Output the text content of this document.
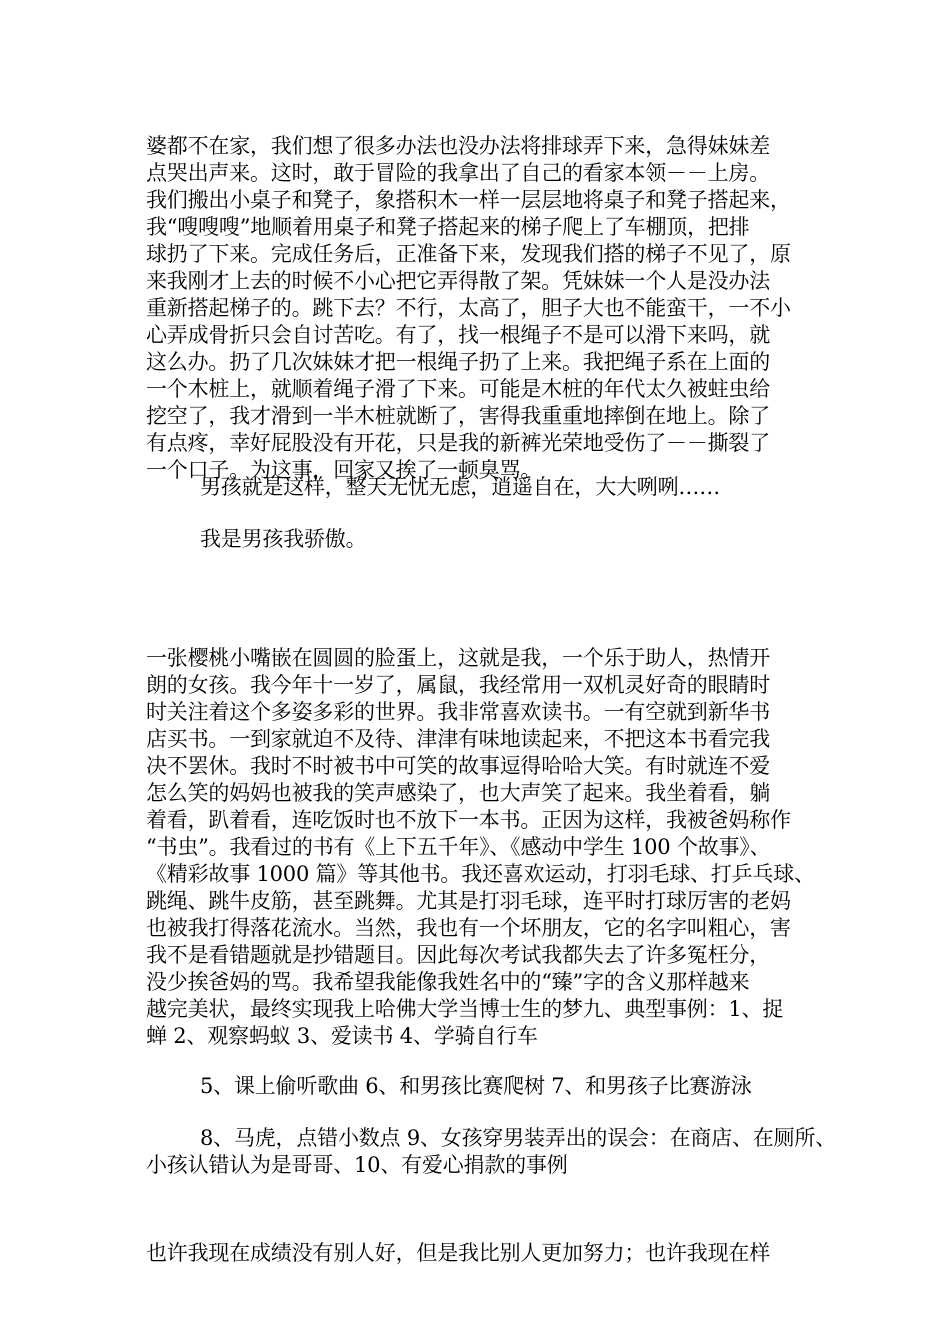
婆都不在家，我们想了很多办法也没办法将排球弄下来，急得妹妹差
点哭出声来。这时，敢于冒险的我拿出了自己的看家本领－－上房。
我们搬出小桌子和凳子，象搭积木一样一层层地将桌子和凳子搭起来，
我“嗖嗖嗖”地顺着用桌子和凳子搭起来的梯子爬上了车棚顶，把排
球扔了下来。完成任务后，正准备下来，发现我们搭的梯子不见了，原
来我刚才上去的时候不小心把它弄得散了架。凭妹妹一个人是没办法
重新搭起梯子的。跳下去？不行，太高了，胆子大也不能蛮干，一不小
心弄成骨折只会自讨苦吃。有了，找一根绳子不是可以滑下来吗，就
这么办。扔了几次妹妹才把一根绳子扔了上来。我把绳子系在上面的
一个木桩上，就顺着绳子滑了下来。可能是木桩的年代太久被蛀虫给
挖空了，我才滑到一半木桩就断了，害得我重重地摔倒在地上。除了
有点疼，幸好屁股没有开花，只是我的新裤光荣地受伤了－－撕裂了
一个口子。为这事，回家又挨了一顿臭骂。
男孩就是这样，整天无忧无虑，逍遥自在，大大咧咧……
我是男孩我骄傲。
一张樱桃小嘴嵌在圆圆的脸蛋上，这就是我，一个乐于助人，热情开
朗的女孩。我今年十一岁了，属鼠，我经常用一双机灵好奇的眼睛时
时关注着这个多姿多彩的世界。我非常喜欢读书。一有空就到新华书
店买书。一到家就迫不及待、津津有味地读起来，不把这本书看完我
决不罢休。我时不时被书中可笑的故事逗得哈哈大笑。有时就连不爱
怎么笑的妈妈也被我的笑声感染了，也大声笑了起来。我坐着看，躺
着看，趴着看，连吃饭时也不放下一本书。正因为这样，我被爸妈称作
“书虫”。我看过的书有《上下五千年》、《感动中学生 100 个故事》、
《精彩故事 1000 篇》等其他书。我还喜欢运动，打羽毛球、打乒乓球、
跳绳、跳牛皮筋，甚至跳舞。尤其是打羽毛球，连平时打球厉害的老妈
也被我打得落花流水。当然，我也有一个坏朋友，它的名字叫粗心，害
我不是看错题就是抄错题目。因此每次考试我都失去了许多冤枉分，
没少挨爸妈的骂。我希望我能像我姓名中的“臻”字的含义那样越来
越完美状，最终实现我上哈佛大学当博士生的梦九、典型事例：1、捉
蝉 2、观察蚂蚁 3、爱读书 4、学骑自行车
5、课上偷听歌曲 6、和男孩比赛爬树 7、和男孩子比赛游泳
8、马虎，点错小数点 9、女孩穿男装弄出的误会：在商店、在厕所、
小孩认错认为是哥哥、10、有爱心捐款的事例
也许我现在成绩没有别人好，但是我比别人更加努力；也许我现在样
